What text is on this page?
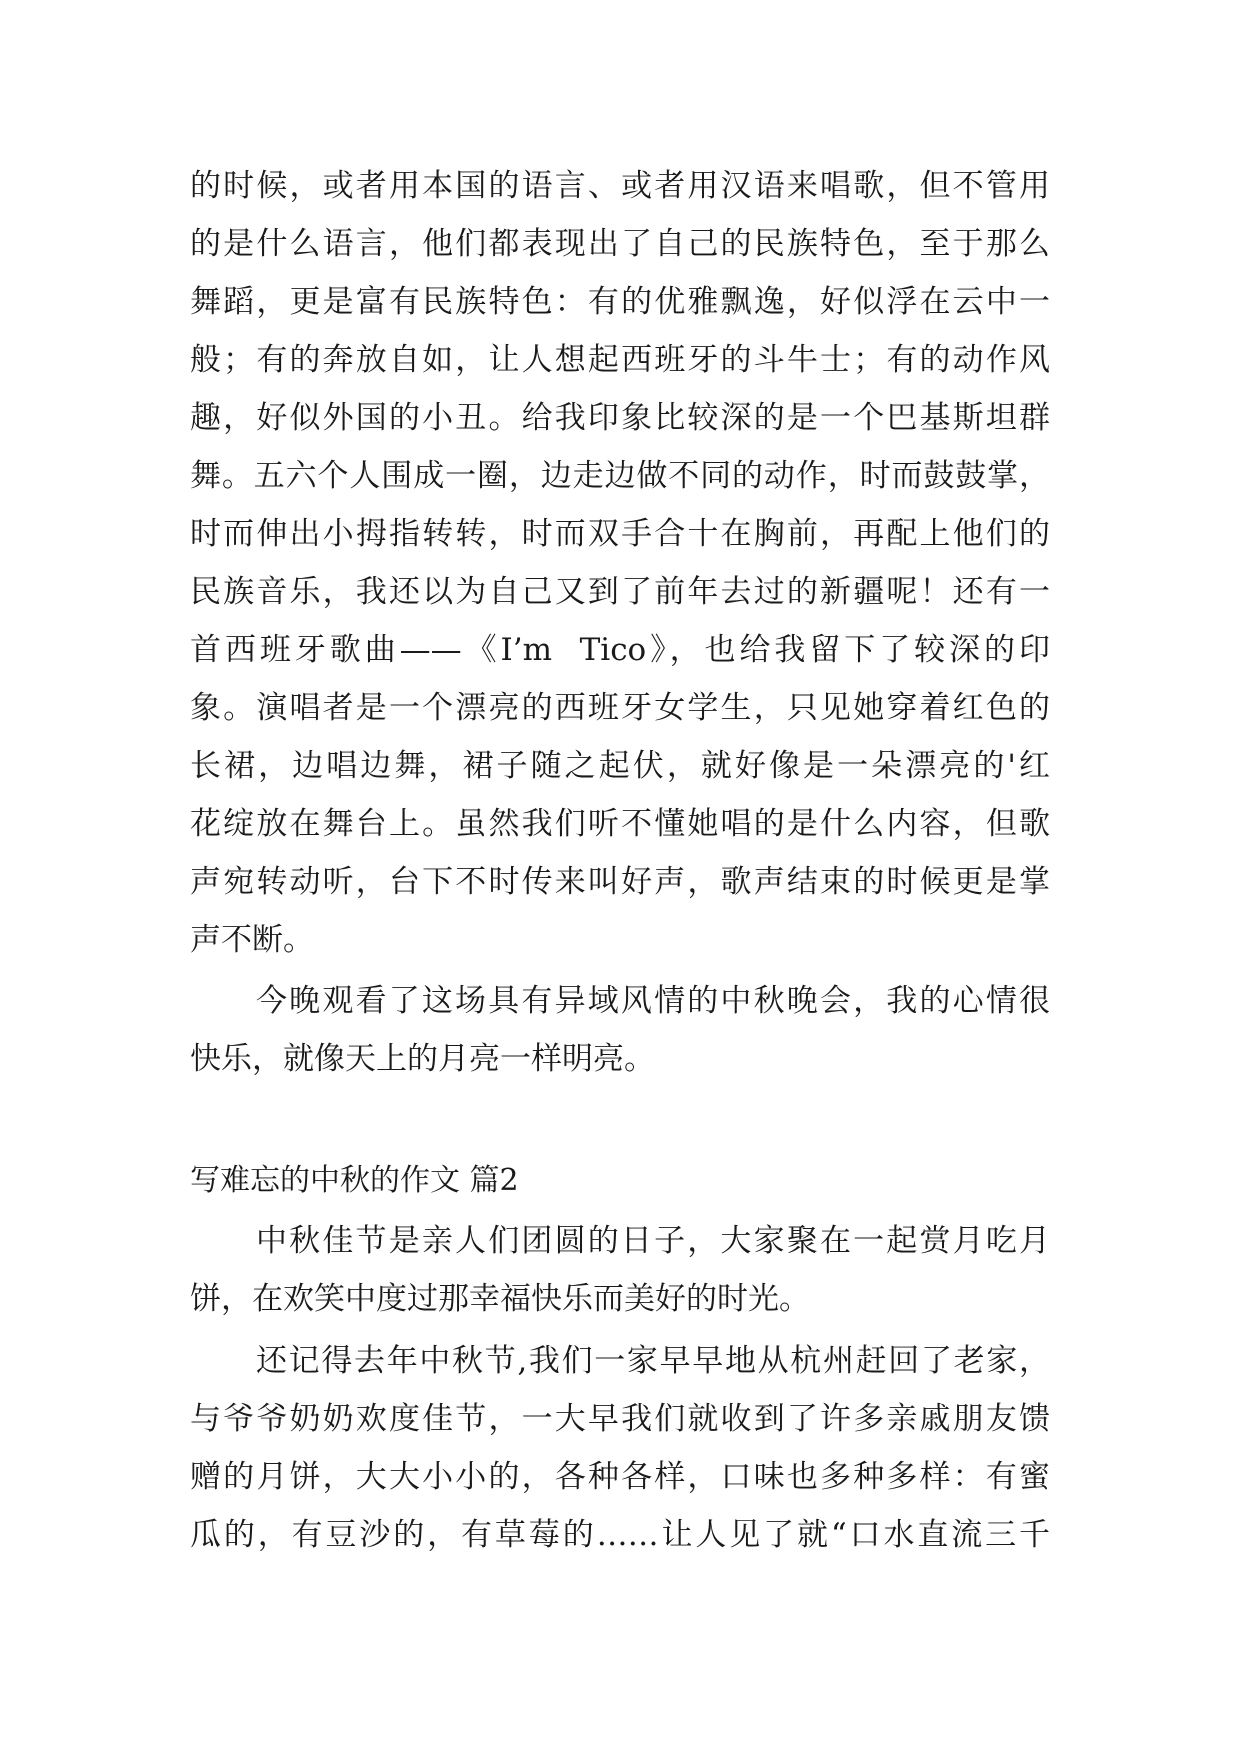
的时候，或者用本国的语言、或者用汉语来唱歌，但不管用
的是什么语言，他们都表现出了自己的民族特色，至于那么
舞蹈，更是富有民族特色：有的优雅飘逸，好似浮在云中一
般；有的奔放自如，让人想起西班牙的斗牛士；有的动作风
趣，好似外国的小丑。给我印象比较深的是一个巴基斯坦群
舞。五六个人围成一圈，边走边做不同的动作，时而鼓鼓掌，
时而伸出小拇指转转，时而双手合十在胸前，再配上他们的
民族音乐，我还以为自己又到了前年去过的新疆呢！还有一
首西班牙歌曲——《I’m  Tico》，也给我留下了较深的印
象。演唱者是一个漂亮的西班牙女学生，只见她穿着红色的
长裙，边唱边舞，裙子随之起伏，就好像是一朵漂亮的'红
花绽放在舞台上。虽然我们听不懂她唱的是什么内容，但歌
声宛转动听，台下不时传来叫好声，歌声结束的时候更是掌
声不断。
今晚观看了这场具有异域风情的中秋晚会，我的心情很
快乐，就像天上的月亮一样明亮。
写难忘的中秋的作文 篇2
中秋佳节是亲人们团圆的日子，大家聚在一起赏月吃月
饼，在欢笑中度过那幸福快乐而美好的时光。
还记得去年中秋节,我们一家早早地从杭州赶回了老家，
与爷爷奶奶欢度佳节，一大早我们就收到了许多亲戚朋友馈
赠的月饼，大大小小的，各种各样，口味也多种多样：有蜜
瓜的，有豆沙的，有草莓的……让人见了就“口水直流三千
